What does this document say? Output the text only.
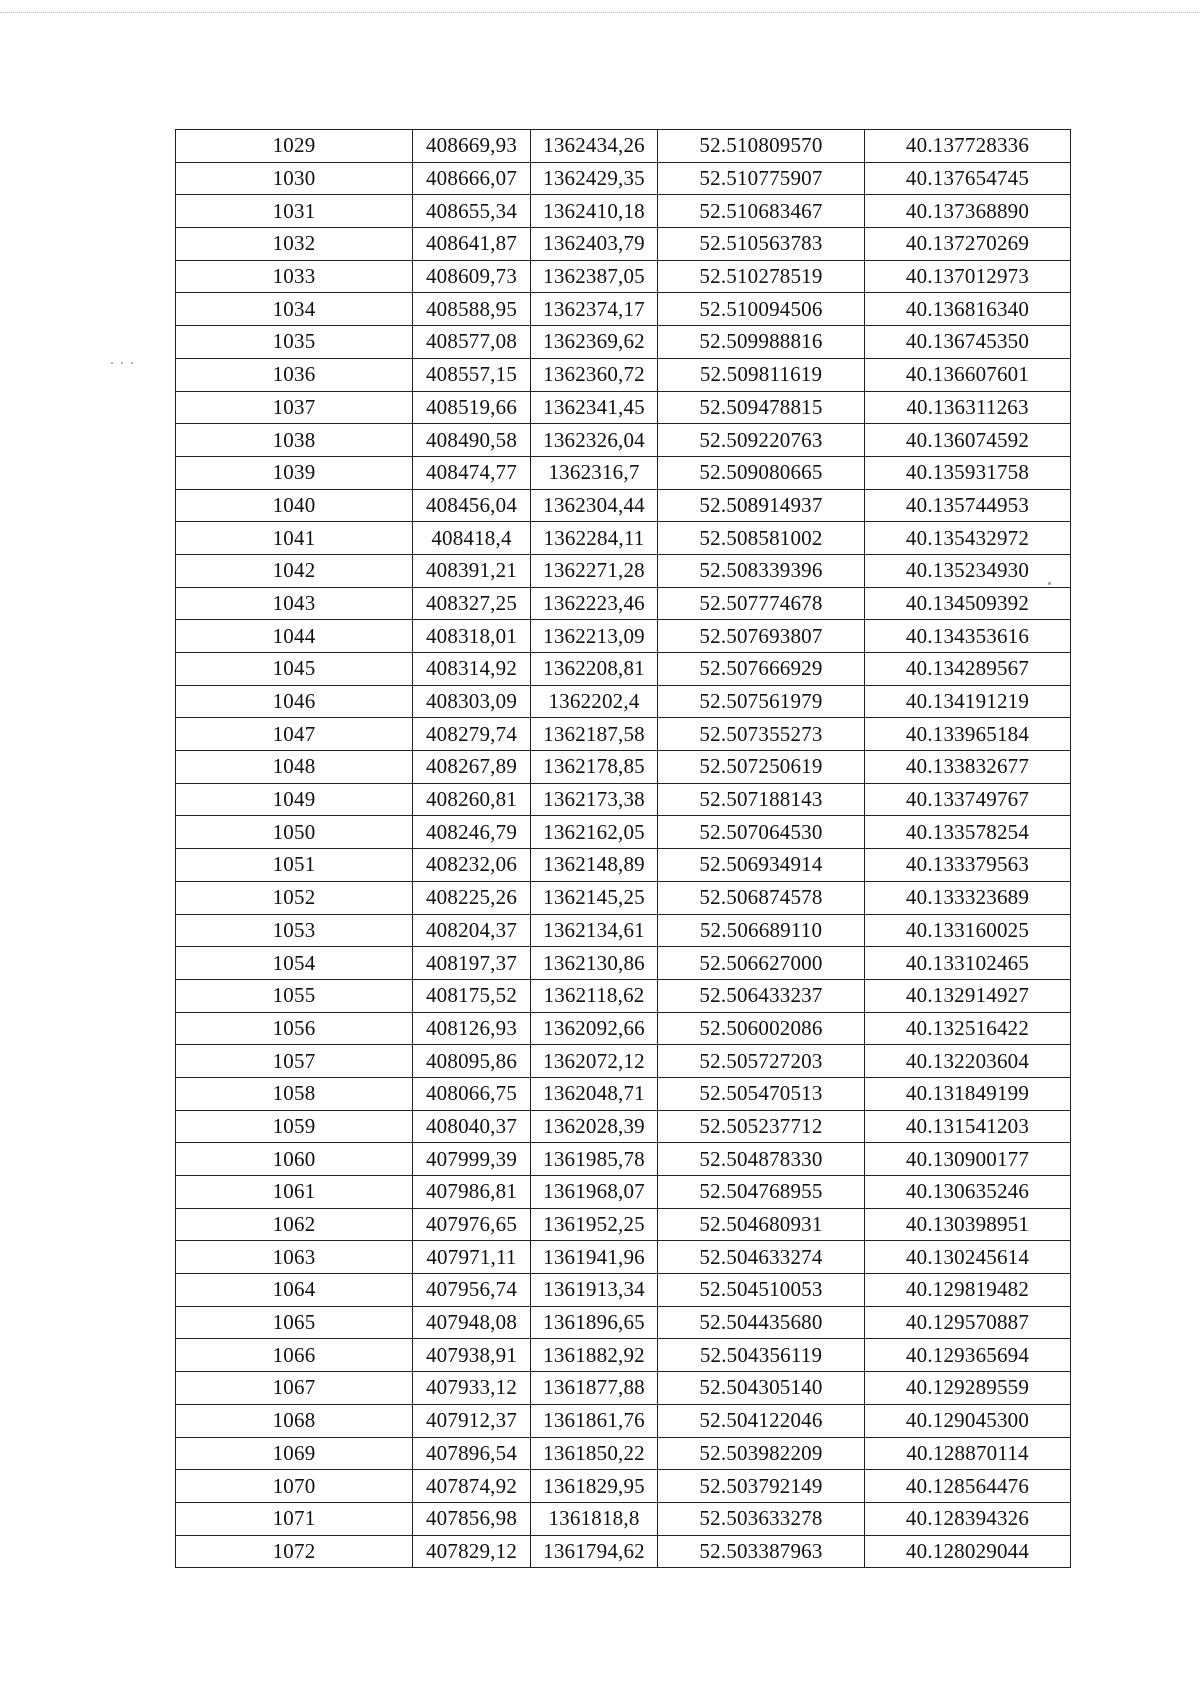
1029	408669,93	1362434,26	52.510809570	40.137728336
1030	408666,07	1362429,35	52.510775907	40.137654745
1031	408655,34	1362410,18	52.510683467	40.137368890
1032	408641,87	1362403,79	52.510563783	40.137270269
1033	408609,73	1362387,05	52.510278519	40.137012973
1034	408588,95	1362374,17	52.510094506	40.136816340
1035	408577,08	1362369,62	52.509988816	40.136745350
1036	408557,15	1362360,72	52.509811619	40.136607601
1037	408519,66	1362341,45	52.509478815	40.136311263
1038	408490,58	1362326,04	52.509220763	40.136074592
1039	408474,77	1362316,7	52.509080665	40.135931758
1040	408456,04	1362304,44	52.508914937	40.135744953
1041	408418,4	1362284,11	52.508581002	40.135432972
1042	408391,21	1362271,28	52.508339396	40.135234930
1043	408327,25	1362223,46	52.507774678	40.134509392
1044	408318,01	1362213,09	52.507693807	40.134353616
1045	408314,92	1362208,81	52.507666929	40.134289567
1046	408303,09	1362202,4	52.507561979	40.134191219
1047	408279,74	1362187,58	52.507355273	40.133965184
1048	408267,89	1362178,85	52.507250619	40.133832677
1049	408260,81	1362173,38	52.507188143	40.133749767
1050	408246,79	1362162,05	52.507064530	40.133578254
1051	408232,06	1362148,89	52.506934914	40.133379563
1052	408225,26	1362145,25	52.506874578	40.133323689
1053	408204,37	1362134,61	52.506689110	40.133160025
1054	408197,37	1362130,86	52.506627000	40.133102465
1055	408175,52	1362118,62	52.506433237	40.132914927
1056	408126,93	1362092,66	52.506002086	40.132516422
1057	408095,86	1362072,12	52.505727203	40.132203604
1058	408066,75	1362048,71	52.505470513	40.131849199
1059	408040,37	1362028,39	52.505237712	40.131541203
1060	407999,39	1361985,78	52.504878330	40.130900177
1061	407986,81	1361968,07	52.504768955	40.130635246
1062	407976,65	1361952,25	52.504680931	40.130398951
1063	407971,11	1361941,96	52.504633274	40.130245614
1064	407956,74	1361913,34	52.504510053	40.129819482
1065	407948,08	1361896,65	52.504435680	40.129570887
1066	407938,91	1361882,92	52.504356119	40.129365694
1067	407933,12	1361877,88	52.504305140	40.129289559
1068	407912,37	1361861,76	52.504122046	40.129045300
1069	407896,54	1361850,22	52.503982209	40.128870114
1070	407874,92	1361829,95	52.503792149	40.128564476
1071	407856,98	1361818,8	52.503633278	40.128394326
1072	407829,12	1361794,62	52.503387963	40.128029044
